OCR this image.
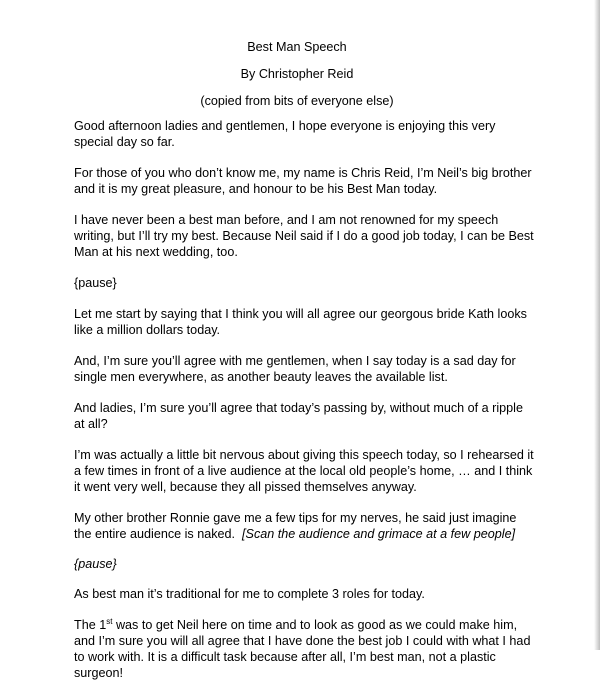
Best Man Speech

By Christopher Reid

(copied from bits of everyone else)

Good afternoon ladies and gentlemen, I hope everyone is enjoying this very special day so far.

For those of you who don’t know me, my name is Chris Reid, I’m Neil’s big brother and it is my great pleasure, and honour to be his Best Man today.

I have never been a best man before, and I am not renowned for my speech writing, but I’ll try my best. Because Neil said if I do a good job today, I can be Best Man at his next wedding, too.

{pause}

Let me start by saying that I think you will all agree our georgous bride Kath looks like a million dollars today.

And, I’m sure you’ll agree with me gentlemen, when I say today is a sad day for single men everywhere, as another beauty leaves the available list.

And ladies, I’m sure you’ll agree that today’s passing by, without much of a ripple at all?

I’m was actually a little bit nervous about giving this speech today, so I rehearsed it a few times in front of a live audience at the local old people’s home, … and I think it went very well, because they all pissed themselves anyway.

My other brother Ronnie gave me a few tips for my nerves, he said just imagine the entire audience is naked. [Scan the audience and grimace at a few people]

{pause}

As best man it’s traditional for me to complete 3 roles for today.

The 1st was to get Neil here on time and to look as good as we could make him, and I’m sure you will all agree that I have done the best job I could with what I had to work with. It is a difficult task because after all, I’m best man, not a plastic surgeon!
